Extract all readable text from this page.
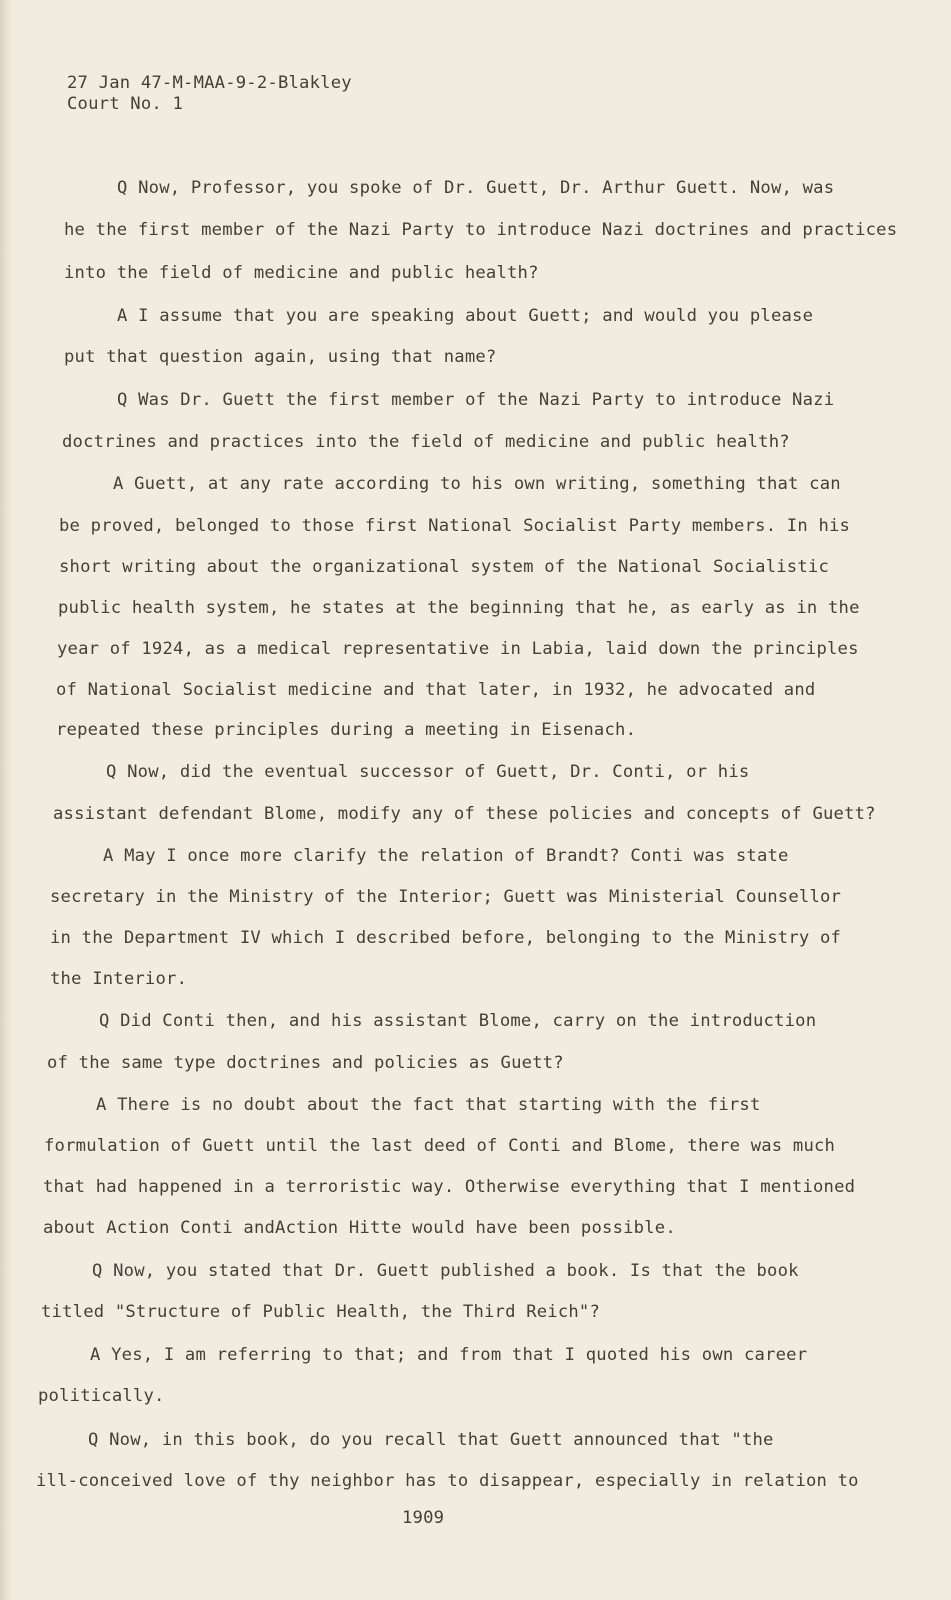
27 Jan 47-M-MAA-9-2-Blakley
Court No. 1
Q Now, Professor, you spoke of Dr. Guett, Dr. Arthur Guett. Now, was
he the first member of the Nazi Party to introduce Nazi doctrines and practices
into the field of medicine and public health?
A I assume that you are speaking about Guett; and would you please
put that question again, using that name?
Q Was Dr. Guett the first member of the Nazi Party to introduce Nazi
doctrines and practices into the field of medicine and public health?
A Guett, at any rate according to his own writing, something that can
be proved, belonged to those first National Socialist Party members. In his
short writing about the organizational system of the National Socialistic
public health system, he states at the beginning that he, as early as in the
year of 1924, as a medical representative in Labia, laid down the principles
of National Socialist medicine and that later, in 1932, he advocated and
repeated these principles during a meeting in Eisenach.
Q Now, did the eventual successor of Guett, Dr. Conti, or his
assistant defendant Blome, modify any of these policies and concepts of Guett?
A May I once more clarify the relation of Brandt? Conti was state
secretary in the Ministry of the Interior; Guett was Ministerial Counsellor
in the Department IV which I described before, belonging to the Ministry of
the Interior.
Q Did Conti then, and his assistant Blome, carry on the introduction
of the same type doctrines and policies as Guett?
A There is no doubt about the fact that starting with the first
formulation of Guett until the last deed of Conti and Blome, there was much
that had happened in a terroristic way. Otherwise everything that I mentioned
about Action Conti andAction Hitte would have been possible.
Q Now, you stated that Dr. Guett published a book. Is that the book
titled "Structure of Public Health, the Third Reich"?
A Yes, I am referring to that; and from that I quoted his own career
politically.
Q Now, in this book, do you recall that Guett announced that "the
ill-conceived love of thy neighbor has to disappear, especially in relation to
1909
